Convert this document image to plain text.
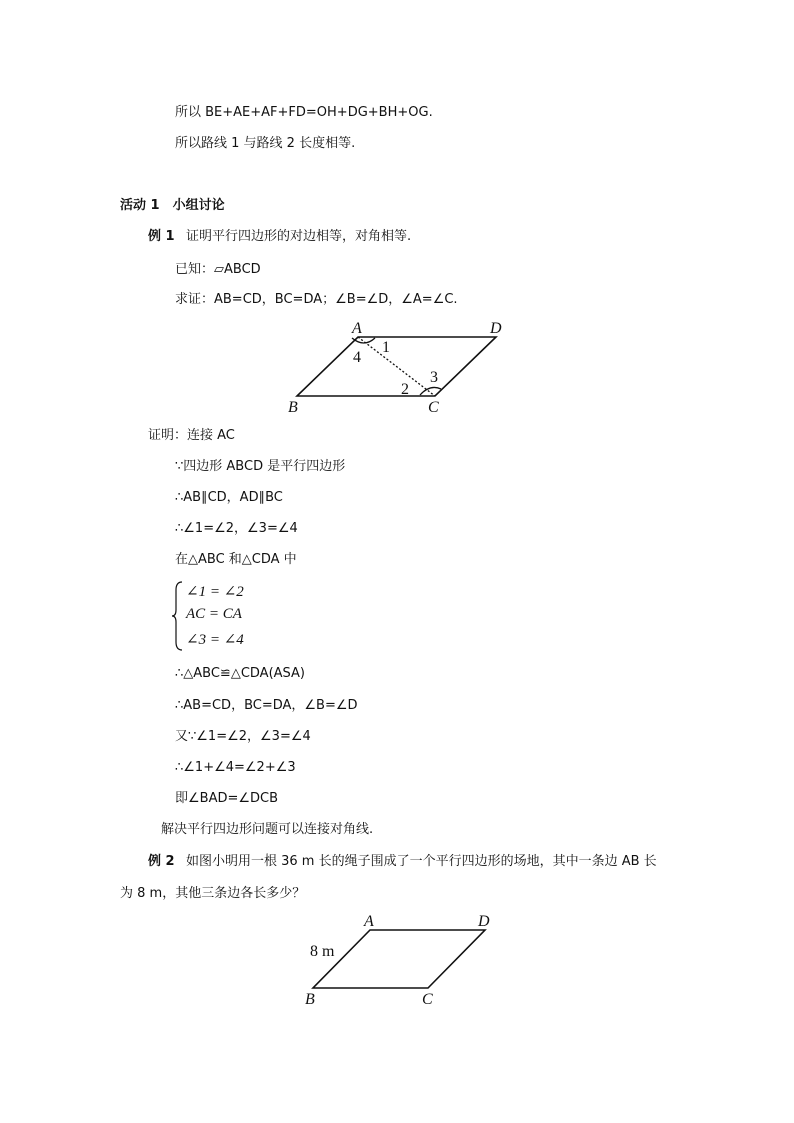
所以 BE+AE+AF+FD=OH+DG+BH+OG.
所以路线 1 与路线 2 长度相等.
活动 1　小组讨论
例 1 证明平行四边形的对边相等，对角相等.
已知：▱ABCD
求证：AB=CD，BC=DA；∠B=∠D，∠A=∠C.
A	D
B	C
1
4
2
3
证明：连接 AC
∵四边形 ABCD 是平行四边形
∴AB∥CD，AD∥BC
∴∠1=∠2，∠3=∠4
在△ABC 和△CDA 中
∠1 = ∠2
AC = CA
∠3 = ∠4
∴△ABC≌△CDA(ASA)
∴AB=CD，BC=DA，∠B=∠D
又∵∠1=∠2，∠3=∠4
∴∠1+∠4=∠2+∠3
即∠BAD=∠DCB
解决平行四边形问题可以连接对角线.
例 2 如图小明用一根 36 m 长的绳子围成了一个平行四边形的场地，其中一条边 AB 长
为 8 m，其他三条边各长多少？
A	D
B	C
8 m
